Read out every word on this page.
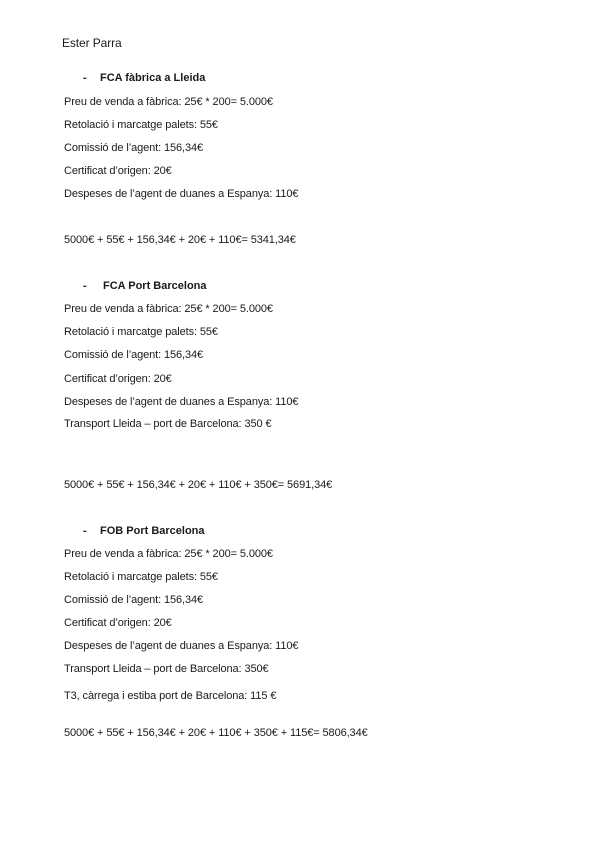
Ester Parra
- FCA fàbrica a Lleida
Preu de venda a fàbrica: 25€ * 200= 5.000€
Retolació i marcatge palets: 55€
Comissió de l’agent: 156,34€
Certificat d’origen: 20€
Despeses de l’agent de duanes a Espanya: 110€
5000€ + 55€ + 156,34€ + 20€ + 110€= 5341,34€
- FCA Port Barcelona
Preu de venda a fàbrica: 25€ * 200= 5.000€
Retolació i marcatge palets: 55€
Comissió de l’agent: 156,34€
Certificat d’origen: 20€
Despeses de l’agent de duanes a Espanya: 110€
Transport Lleida – port de Barcelona: 350 €
5000€ + 55€ + 156,34€ + 20€ + 110€ + 350€= 5691,34€
- FOB Port Barcelona
Preu de venda a fàbrica: 25€ * 200= 5.000€
Retolació i marcatge palets: 55€
Comissió de l’agent: 156,34€
Certificat d’origen: 20€
Despeses de l’agent de duanes a Espanya: 110€
Transport Lleida – port de Barcelona: 350€
T3, càrrega i estiba port de Barcelona: 115 €
5000€ + 55€ + 156,34€ + 20€ + 110€ + 350€ + 115€= 5806,34€
